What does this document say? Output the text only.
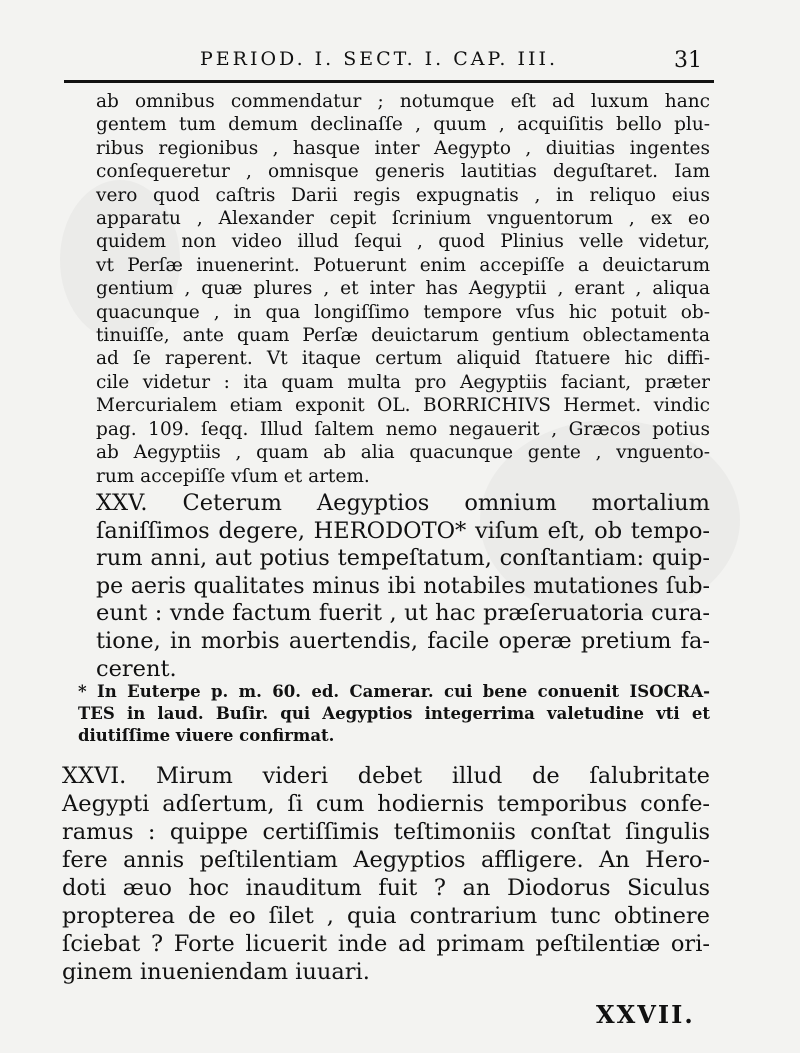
PERIOD. I. SECT. I. CAP. III.	31
ab omnibus commendatur ; notumque eſt ad luxum hanc
gentem tum demum declinaſſe , quum , acquiſitis bello plu-
ribus regionibus , hasque inter Aegypto , diuitias ingentes
conſequeretur , omnisque generis lautitias deguſtaret. Iam
vero quod caſtris Darii regis expugnatis , in reliquo eius
apparatu , Alexander cepit ſcrinium vnguentorum , ex eo
quidem non video illud ſequi , quod Plinius velle videtur,
vt Perſæ inuenerint. Potuerunt enim accepiſſe a deuictarum
gentium , quæ plures , et inter has Aegyptii , erant , aliqua
quacunque , in qua longiſſimo tempore vſus hic potuit ob-
tinuiſſe, ante quam Perſæ deuictarum gentium oblectamenta
ad ſe raperent. Vt itaque certum aliquid ſtatuere hic diffi-
cile videtur : ita quam multa pro Aegyptiis faciant, præter
Mercurialem etiam exponit OL. BORRICHIVS Hermet. vindic
pag. 109. ſeqq. Illud ſaltem nemo negauerit , Græcos potius
ab Aegyptiis , quam ab alia quacunque gente , vnguento-
rum accepiſſe vſum et artem.
XXV. Ceterum Aegyptios omnium mortalium
ſaniſſimos degere, HERODOTO* viſum eſt, ob tempo-
rum anni, aut potius tempeſtatum, conſtantiam: quip-
pe aeris qualitates minus ibi notabiles mutationes ſub-
eunt : vnde factum fuerit , ut hac præſeruatoria cura-
tione, in morbis auertendis, facile operæ pretium fa-
cerent.
* In Euterpe p. m. 60. ed. Camerar. cui bene conuenit ISOCRA-
TES in laud. Buſir. qui Aegyptios integerrima valetudine vti et
diutiſſime viuere confirmat.
XXVI. Mirum videri debet illud de ſalubritate
Aegypti adſertum, ſi cum hodiernis temporibus confe-
ramus : quippe certiſſimis teſtimoniis conſtat ſingulis
fere annis peſtilentiam Aegyptios affligere. An Hero-
doti æuo hoc inauditum fuit ? an Diodorus Siculus
propterea de eo ſilet , quia contrarium tunc obtinere
ſciebat ? Forte licuerit inde ad primam peſtilentiæ ori-
ginem inueniendam iuuari.
XXVII.
